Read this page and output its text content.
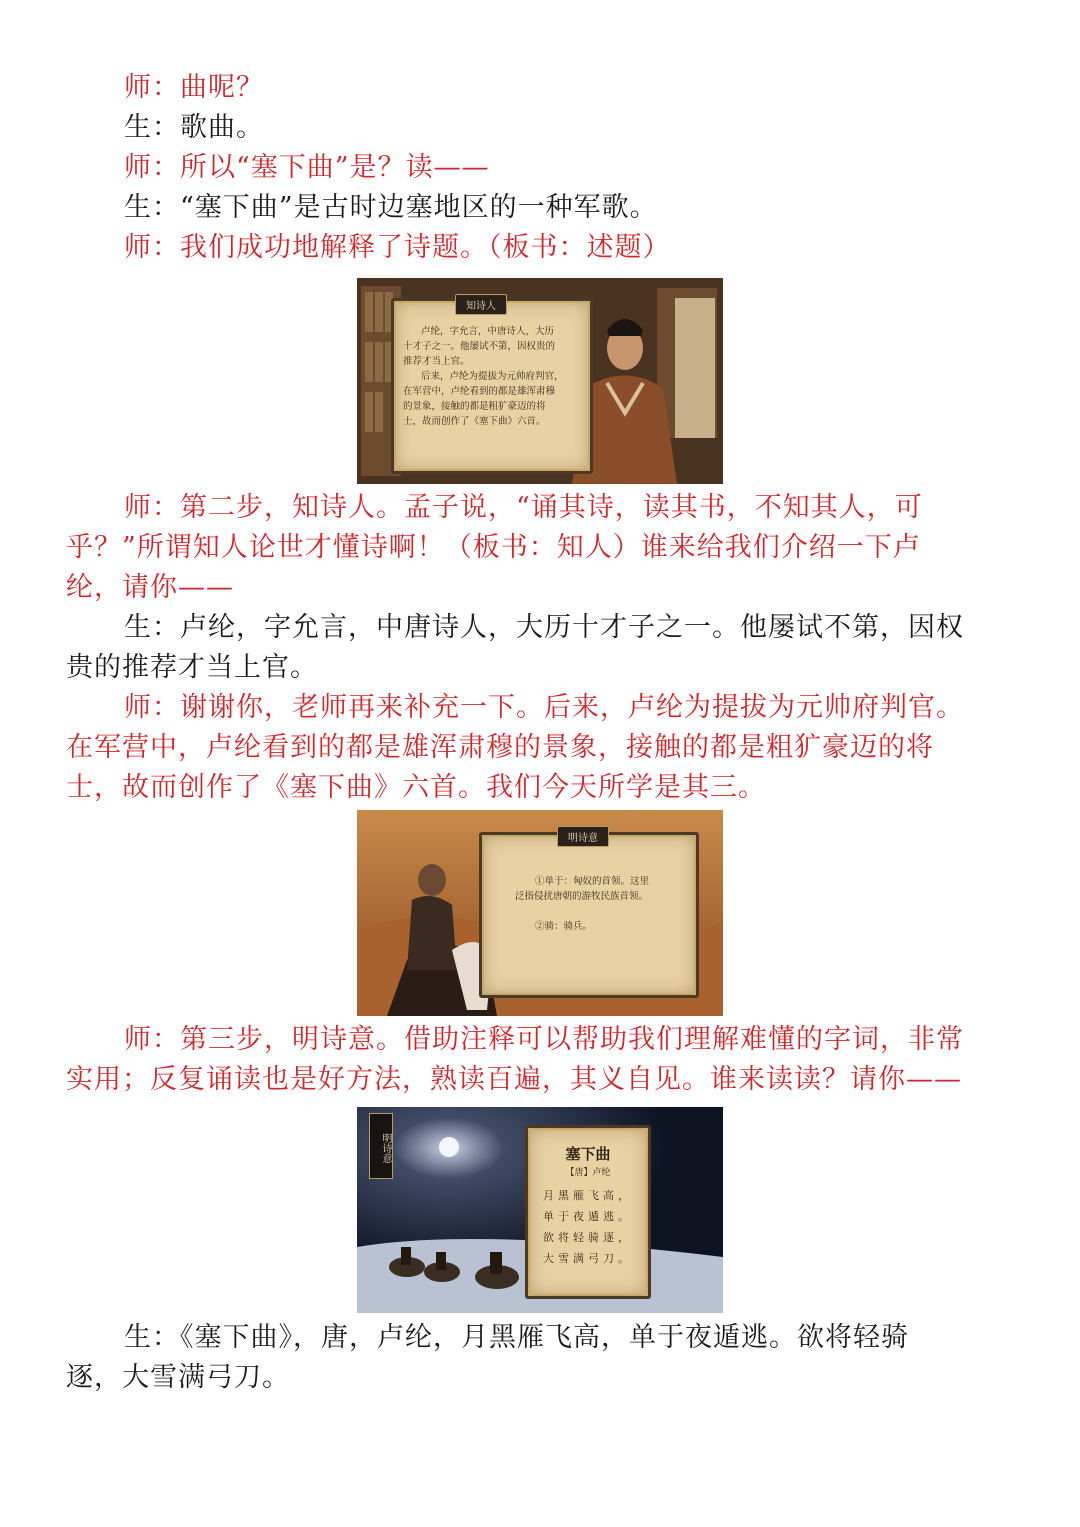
师：曲呢？
生：歌曲。
师：所以“塞下曲”是？读——
生：“塞下曲”是古时边塞地区的一种军歌。
师：我们成功地解释了诗题。（板书：述题）
知诗人
卢纶，字允言，中唐诗人，大历
十才子之一。他屡试不第，因权贵的
推荐才当上官。
后来，卢纶为提拔为元帅府判官，
在军营中，卢纶看到的都是雄浑肃穆
的景象，接触的都是粗犷豪迈的将
士，故而创作了《塞下曲》六首。
师：第二步，知诗人。孟子说，“诵其诗，读其书，不知其人，可
乎？”所谓知人论世才懂诗啊！（板书：知人）谁来给我们介绍一下卢
纶，请你——
生：卢纶，字允言，中唐诗人，大历十才子之一。他屡试不第，因权
贵的推荐才当上官。
师：谢谢你，老师再来补充一下。后来，卢纶为提拔为元帅府判官。
在军营中，卢纶看到的都是雄浑肃穆的景象，接触的都是粗犷豪迈的将
士，故而创作了《塞下曲》六首。我们今天所学是其三。
明诗意
①单于：匈奴的首领。这里
泛指侵扰唐朝的游牧民族首领。

②骑：骑兵。
师：第三步，明诗意。借助注释可以帮助我们理解难懂的字词，非常
实用；反复诵读也是好方法，熟读百遍，其义自见。谁来读读？请你——
明诗意	塞下曲
【唐】卢纶
月黑雁飞高，
单于夜遁逃。
欲将轻骑逐，
大雪满弓刀。
生：《塞下曲》，唐，卢纶，月黑雁飞高，单于夜遁逃。欲将轻骑
逐，大雪满弓刀。
